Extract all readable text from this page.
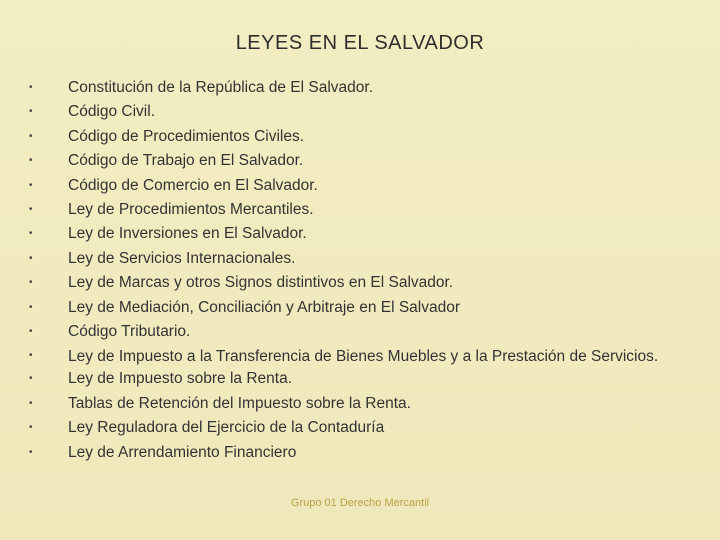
LEYES EN EL SALVADOR
• Constitución de la República de El Salvador.
• Código Civil.
• Código de Procedimientos Civiles.
• Código de Trabajo en El Salvador.
• Código de Comercio en El Salvador.
• Ley de Procedimientos Mercantiles.
• Ley de Inversiones en El Salvador.
• Ley de Servicios Internacionales.
• Ley de Marcas y otros Signos distintivos en El Salvador.
• Ley de Mediación, Conciliación y Arbitraje en El Salvador
• Código Tributario.
• Ley de Impuesto a la Transferencia de Bienes Muebles y a la Prestación de Servicios.
• Ley de Impuesto sobre la Renta.
• Tablas de Retención del Impuesto sobre la Renta.
• Ley Reguladora del Ejercicio de la Contaduría
• Ley de Arrendamiento Financiero
Grupo 01 Derecho Mercantil
